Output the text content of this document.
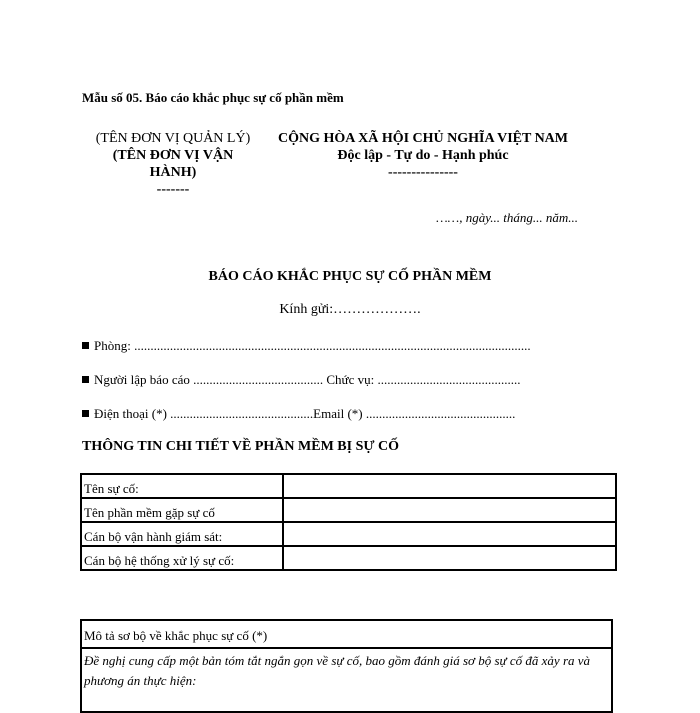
Mẫu số 05. Báo cáo khắc phục sự cố phần mềm
(TÊN ĐƠN VỊ QUẢN LÝ)
(TÊN ĐƠN VỊ VẬN
HÀNH)
-------
CỘNG HÒA XÃ HỘI CHỦ NGHĨA VIỆT NAM
Độc lập - Tự do - Hạnh phúc
---------------
……, ngày... tháng... năm...
BÁO CÁO KHẮC PHỤC SỰ CỐ PHẦN MỀM
Kính gửi:……………….
Phòng: ..........................................................................................................................
Người lập báo cáo ........................................ Chức vụ: ............................................
Điện thoại (*) ............................................Email (*) ..............................................
THÔNG TIN CHI TIẾT VỀ PHẦN MỀM BỊ SỰ CỐ
Tên sự cố:	
Tên phần mềm gặp sự cố	
Cán bộ vận hành giám sát:	
Cán bộ hệ thống xử lý sự cố:	
Mô tả sơ bộ về khắc phục sự cố (*)
Đề nghị cung cấp một bản tóm tắt ngắn gọn về sự cố, bao gồm đánh giá sơ bộ sự cố đã xảy ra và phương án thực hiện:
